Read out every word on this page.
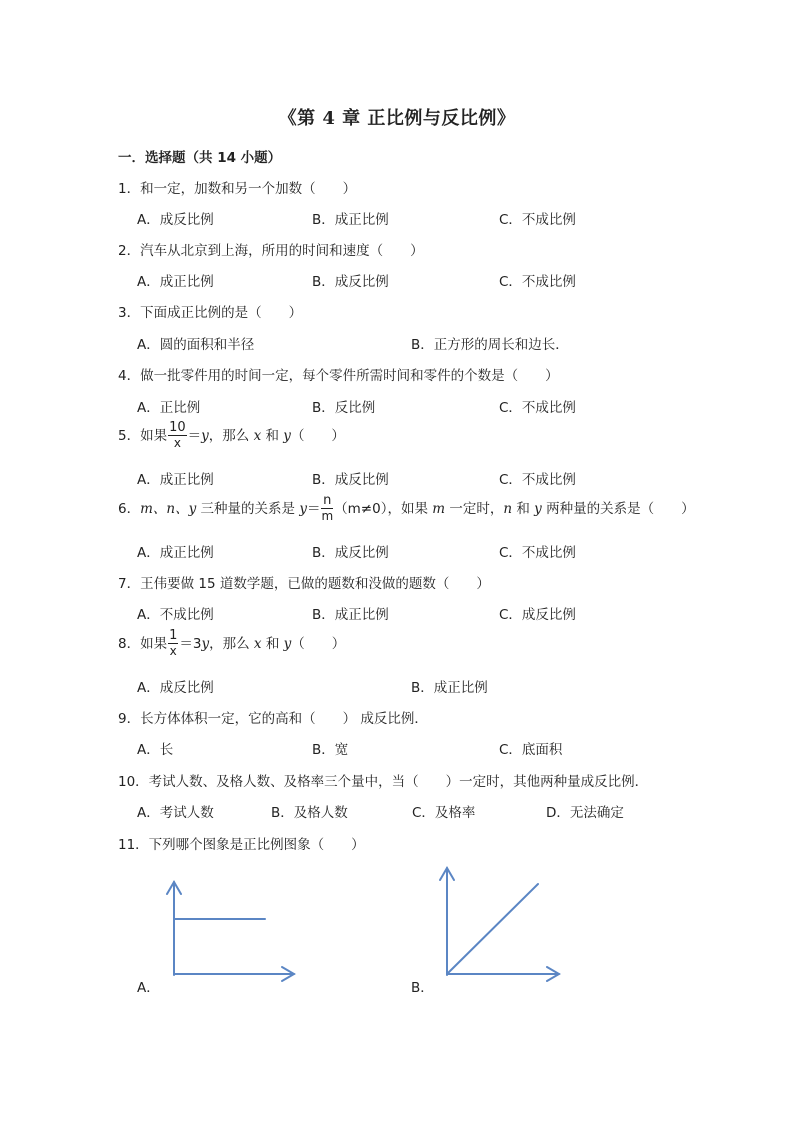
《第 4 章 正比例与反比例》
一．选择题（共 14 小题）
1．和一定，加数和另一个加数（　　）
A．成反比例	B．成正比例	C．不成比例
2．汽车从北京到上海，所用的时间和速度（　　）
A．成正比例	B．成反比例	C．不成比例
3．下面成正比例的是（　　）
A．圆的面积和半径	B．正方形的周长和边长．
4．做一批零件用的时间一定，每个零件所需时间和零件的个数是（　　）
A．正比例	B．反比例	C．不成比例
5．如果 $\frac{10}{x} =y$，那么 x 和 y（　　）
A．成正比例	B．成反比例	C．不成比例
6．m、n、y 三种量的关系是 $y= \frac{n}{m} (m\ne 0)$，如果 m 一定时，n 和 y 两种量的关系是（　　）
A．成正比例	B．成反比例	C．不成比例
7．王伟要做 15 道数学题，已做的题数和没做的题数（　　）
A．不成比例	B．成正比例	C．成反比例
8．如果 $\frac{1}{x} =3y$，那么 x 和 y（　　）
A．成反比例	B．成正比例
9．长方体体积一定，它的高和（　　） 成反比例．
A．长	B．宽	C．底面积
10．考试人数、及格人数、及格率三个量中，当（　　）一定时，其他两种量成反比例．
A．考试人数	B．及格人数	C．及格率	D．无法确定
11．下列哪个图象是正比例图象（　　）
A．	B．
